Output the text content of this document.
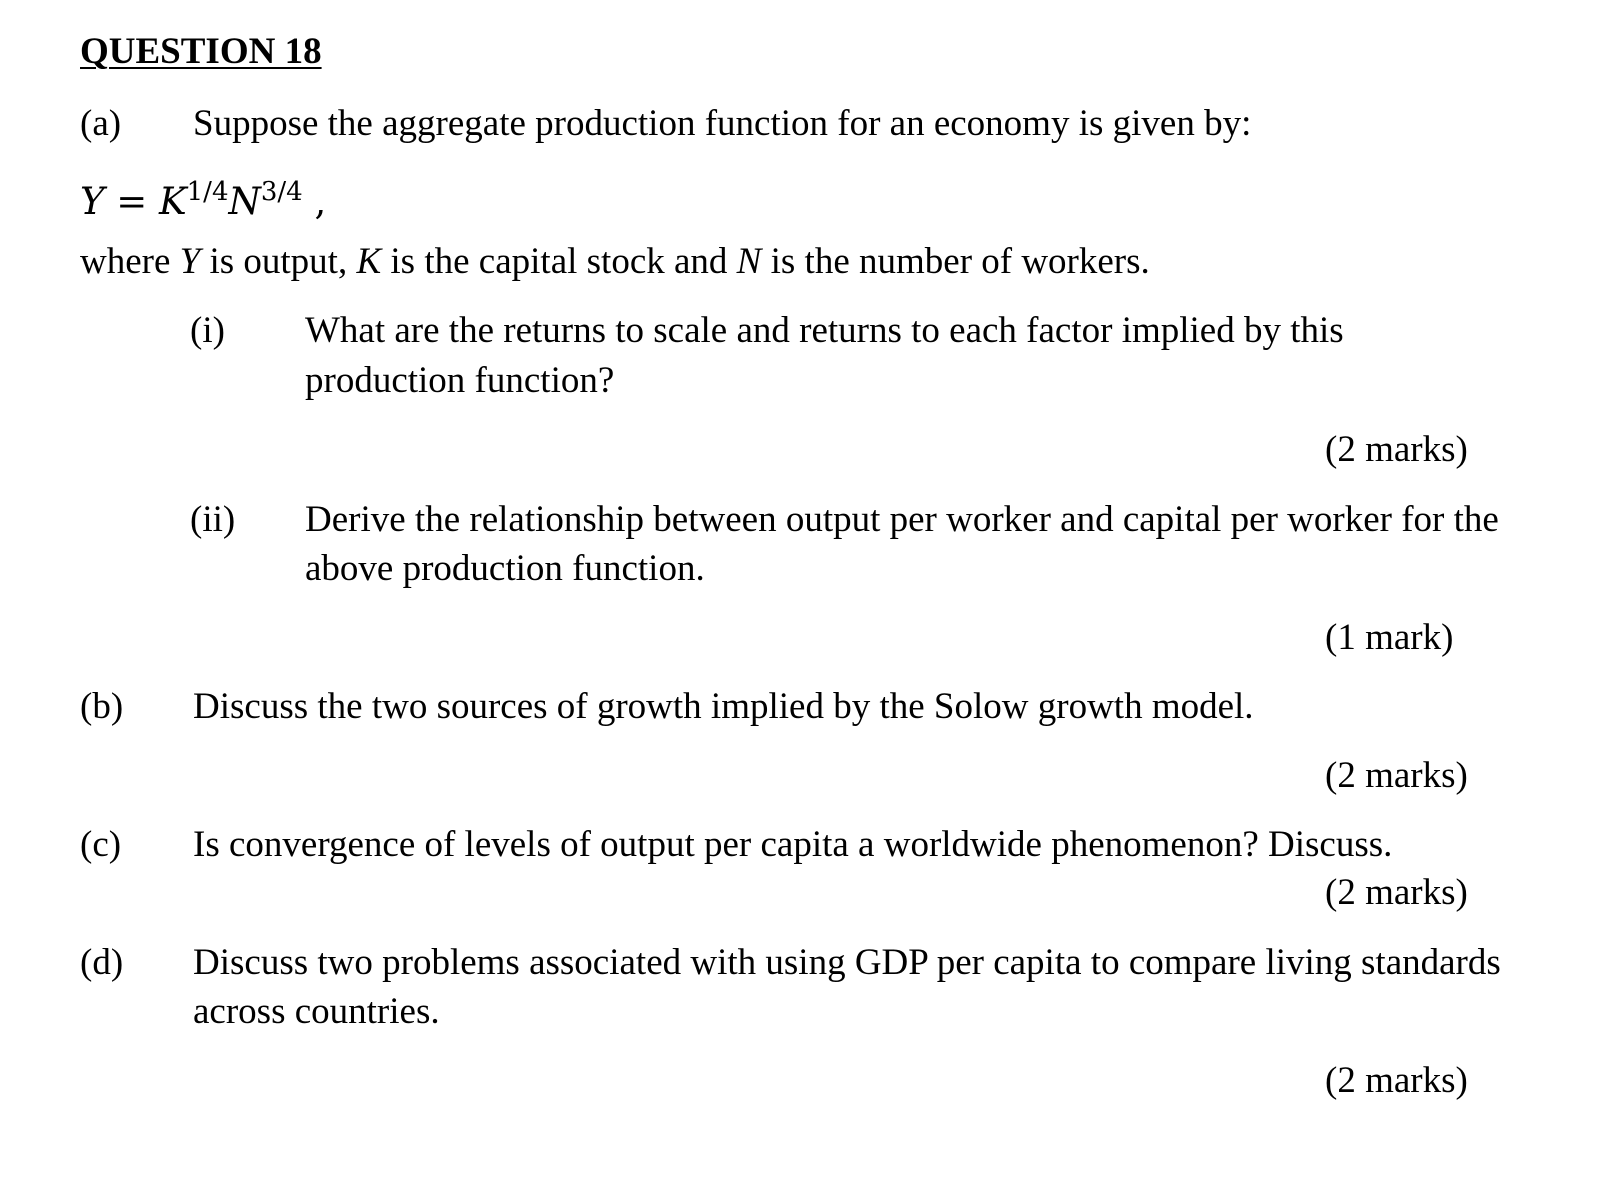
QUESTION 18
(a) Suppose the aggregate production function for an economy is given by:
$Y = K^{1/4}N^{3/4}$ ,
where Y is output, K is the capital stock and N is the number of workers.
(i) What are the returns to scale and returns to each factor implied by this
production function?
(2 marks)
(ii) Derive the relationship between output per worker and capital per worker for the
above production function.
(1 mark)
(b) Discuss the two sources of growth implied by the Solow growth model.
(2 marks)
(c) Is convergence of levels of output per capita a worldwide phenomenon? Discuss.
(2 marks)
(d) Discuss two problems associated with using GDP per capita to compare living standards
across countries.
(2 marks)
